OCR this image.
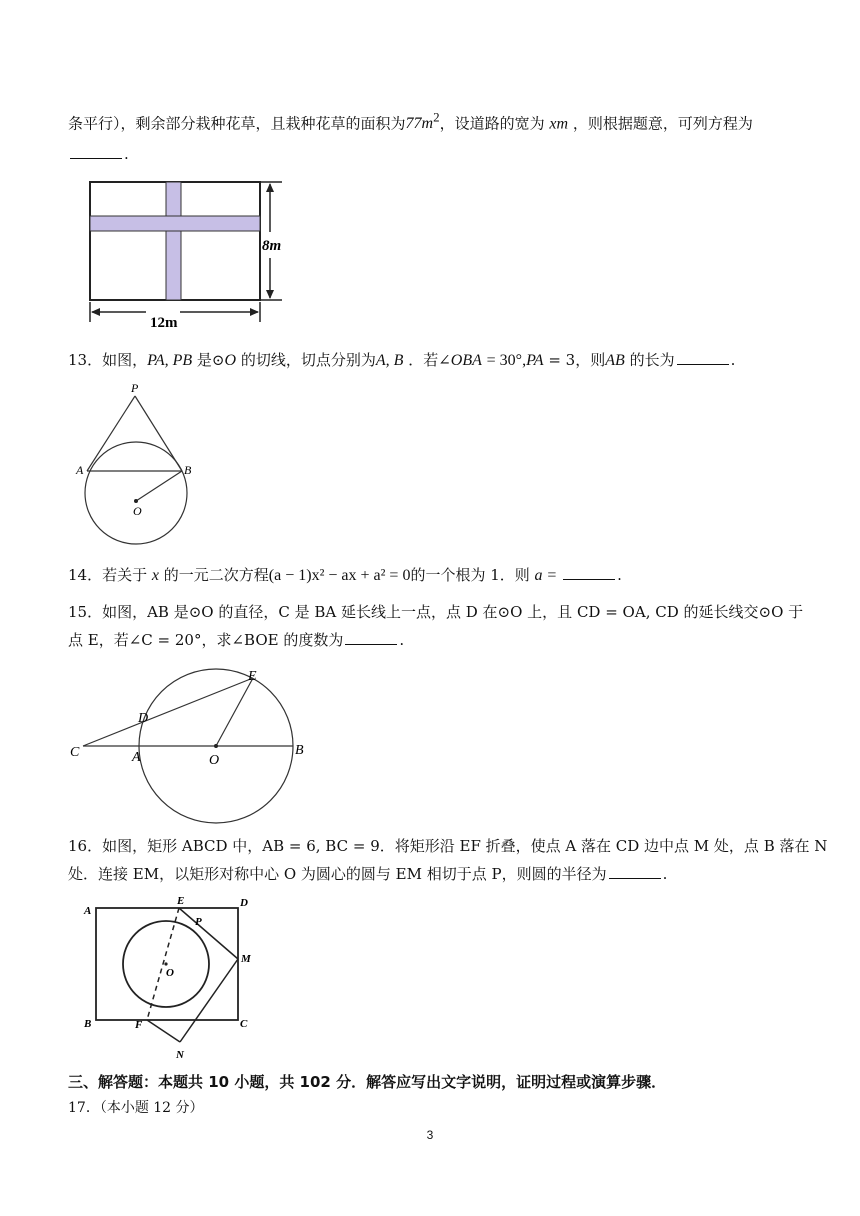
条平行），剩余部分栽种花草，且栽种花草的面积为$77m^2$，设道路的宽为 xm ，则根据题意，可列方程为
.
8m
12m
13．如图，PA, PB 是⊙O 的切线，切点分别为A, B ．若∠OBA = 30°,PA = 3，则AB 的长为	.
P
A	B
O
14．若关于 x 的一元二次方程(a − 1)x² − ax + a² = 0的一个根为 1．则 a =	.
15．如图，AB 是⊙O 的直径，C 是 BA 延长线上一点，点 D 在⊙O 上，且 CD = OA, CD 的延长线交⊙O 于
点 E，若∠C = 20°，求∠BOE 的度数为	.
C	A	O
B
D
E
16．如图，矩形 ABCD 中，AB = 6, BC = 9．将矩形沿 EF 折叠，使点 A 落在 CD 边中点 M 处，点 B 落在 N
处．连接 EM，以矩形对称中心 O 为圆心的圆与 EM 相切于点 P，则圆的半径为	.
A
D
E
P
M
O
B	F	C
N
三、解答题：本题共 10 小题，共 102 分．解答应写出文字说明，证明过程或演算步骤．
17．（本小题 12 分）
3
